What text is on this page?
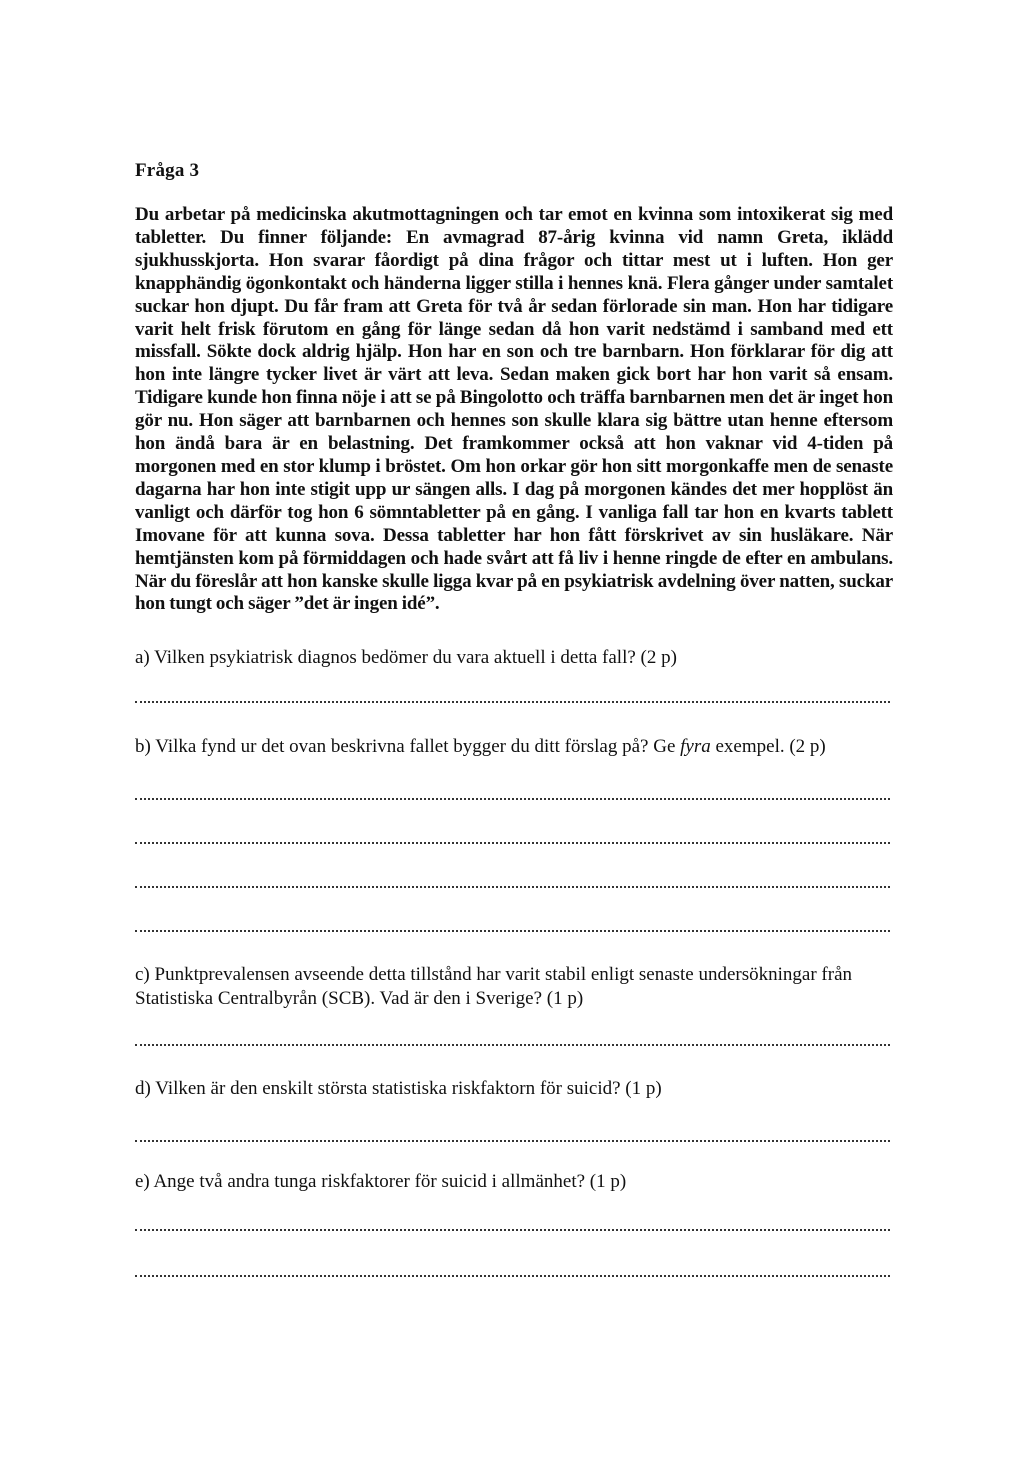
Fråga 3
Du arbetar på medicinska akutmottagningen och tar emot en kvinna som intoxikerat sig med tabletter. Du finner följande: En avmagrad 87-årig kvinna vid namn Greta, iklädd sjukhusskjorta. Hon svarar fåordigt på dina frågor och tittar mest ut i luften. Hon ger knapphändig ögonkontakt och händerna ligger stilla i hennes knä. Flera gånger under samtalet suckar hon djupt. Du får fram att Greta för två år sedan förlorade sin man. Hon har tidigare varit helt frisk förutom en gång för länge sedan då hon varit nedstämd i samband med ett missfall. Sökte dock aldrig hjälp. Hon har en son och tre barnbarn. Hon förklarar för dig att hon inte längre tycker livet är värt att leva. Sedan maken gick bort har hon varit så ensam. Tidigare kunde hon finna nöje i att se på Bingolotto och träffa barnbarnen men det är inget hon gör nu. Hon säger att barnbarnen och hennes son skulle klara sig bättre utan henne eftersom hon ändå bara är en belastning. Det framkommer också att hon vaknar vid 4-tiden på morgonen med en stor klump i bröstet. Om hon orkar gör hon sitt morgonkaffe men de senaste dagarna har hon inte stigit upp ur sängen alls. I dag på morgonen kändes det mer hopplöst än vanligt och därför tog hon 6 sömntabletter på en gång. I vanliga fall tar hon en kvarts tablett Imovane för att kunna sova. Dessa tabletter har hon fått förskrivet av sin husläkare. När hemtjänsten kom på förmiddagen och hade svårt att få liv i henne ringde de efter en ambulans. När du föreslår att hon kanske skulle ligga kvar på en psykiatrisk avdelning över natten, suckar hon tungt och säger ”det är ingen idé”.
a) Vilken psykiatrisk diagnos bedömer du vara aktuell i detta fall? (2 p)
b) Vilka fynd ur det ovan beskrivna fallet bygger du ditt förslag på? Ge fyra exempel. (2 p)
c) Punktprevalensen avseende detta tillstånd har varit stabil enligt senaste undersökningar från
Statistiska Centralbyrån (SCB). Vad är den i Sverige? (1 p)
d) Vilken är den enskilt största statistiska riskfaktorn för suicid? (1 p)
e) Ange två andra tunga riskfaktorer för suicid i allmänhet? (1 p)
